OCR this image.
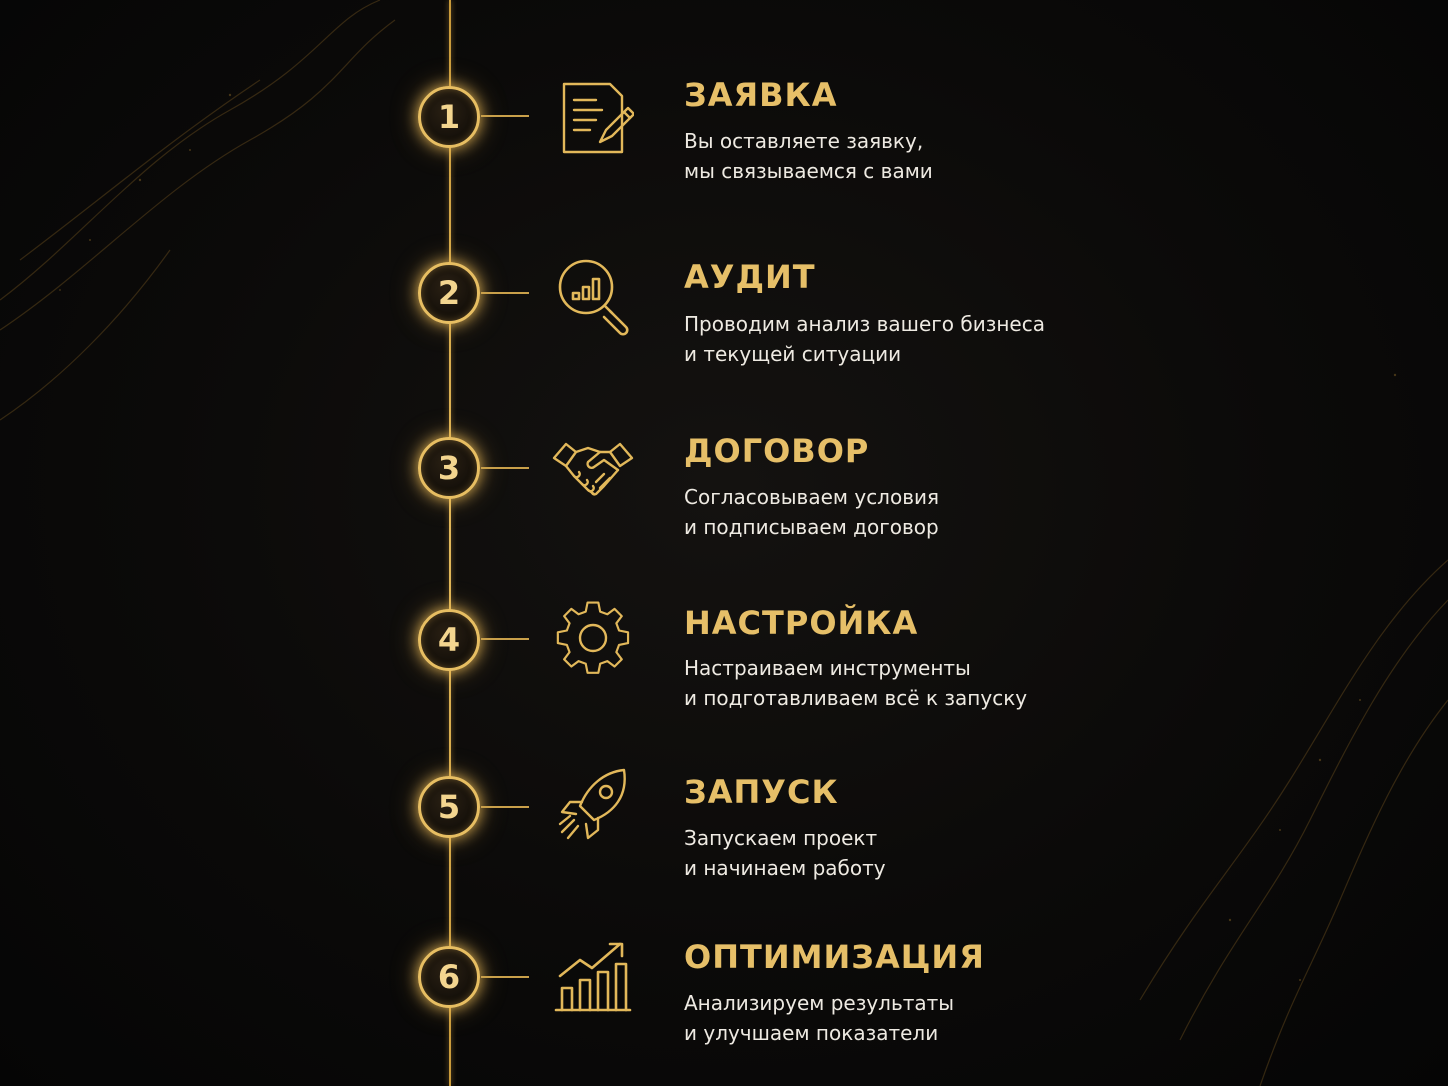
1
ЗАЯВКА
Вы оставляете заявку,
мы связываемся с вами
2	АУДИТ
Проводим анализ вашего бизнеса
и текущей ситуации
3	ДОГОВОР
Согласовываем условия
и подписываем договор
4	НАСТРОЙКА
Настраиваем инструменты
и подготавливаем всё к запуску
5	ЗАПУСК
Запускаем проект
и начинаем работу
6
ОПТИМИЗАЦИЯ
Анализируем результаты
и улучшаем показатели
